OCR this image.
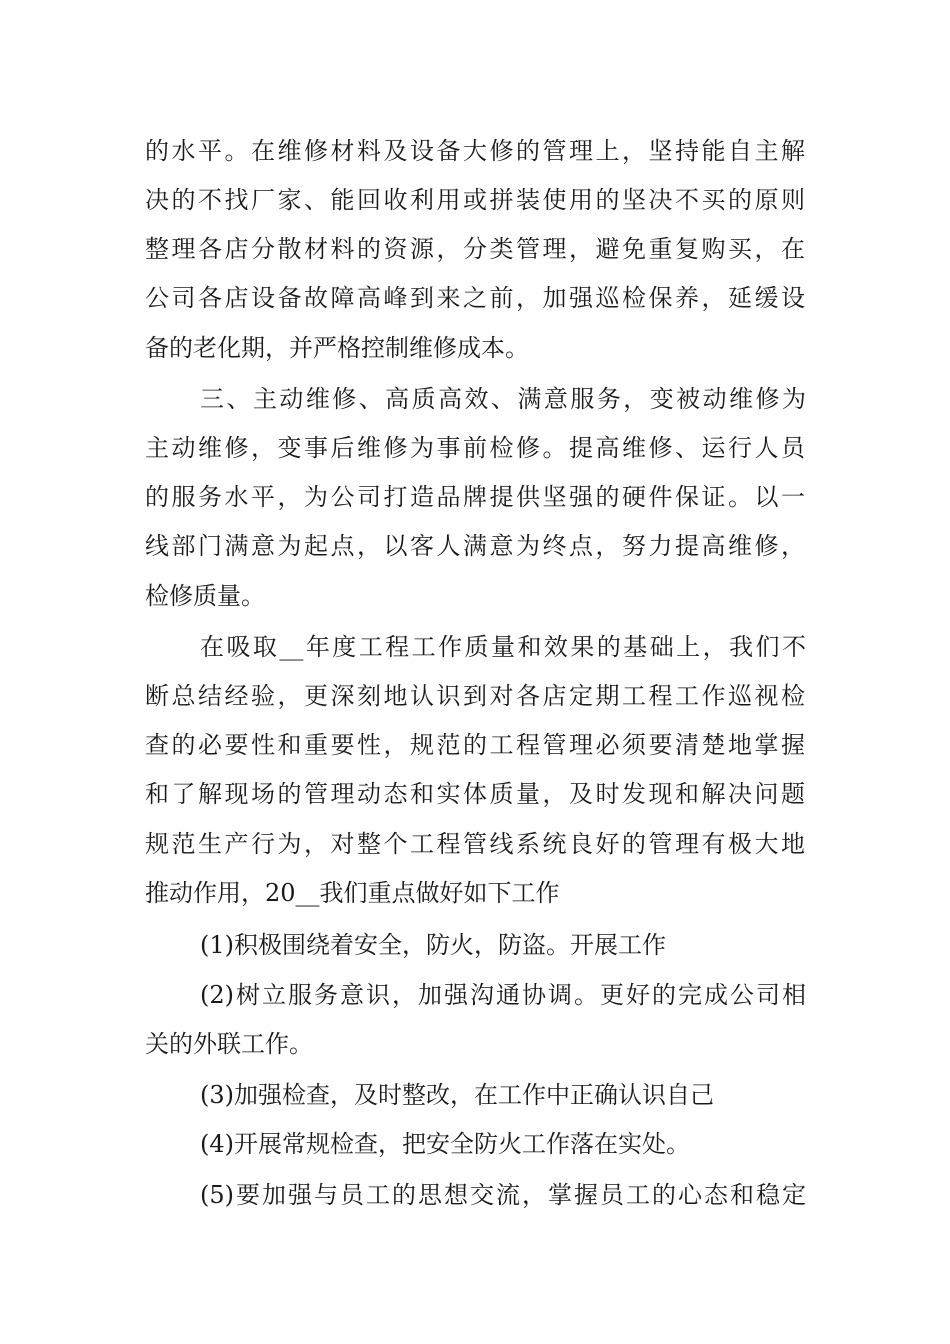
的水平。在维修材料及设备大修的管理上，坚持能自主解

决的不找厂家、能回收利用或拼装使用的坚决不买的原则

整理各店分散材料的资源，分类管理，避免重复购买，在

公司各店设备故障高峰到来之前，加强巡检保养，延缓设

备的老化期，并严格控制维修成本。

三、主动维修、高质高效、满意服务，变被动维修为

主动维修，变事后维修为事前检修。提高维修、运行人员

的服务水平，为公司打造品牌提供坚强的硬件保证。以一

线部门满意为起点，以客人满意为终点，努力提高维修，

检修质量。

在吸取__年度工程工作质量和效果的基础上，我们不

断总结经验，更深刻地认识到对各店定期工程工作巡视检

查的必要性和重要性，规范的工程管理必须要清楚地掌握

和了解现场的管理动态和实体质量，及时发现和解决问题

规范生产行为，对整个工程管线系统良好的管理有极大地

推动作用，20__我们重点做好如下工作

(1)积极围绕着安全，防火，防盗。开展工作

(2)树立服务意识，加强沟通协调。更好的完成公司相

关的外联工作。

(3)加强检查，及时整改，在工作中正确认识自己

(4)开展常规检查，把安全防火工作落在实处。

(5)要加强与员工的思想交流，掌握员工的心态和稳定
